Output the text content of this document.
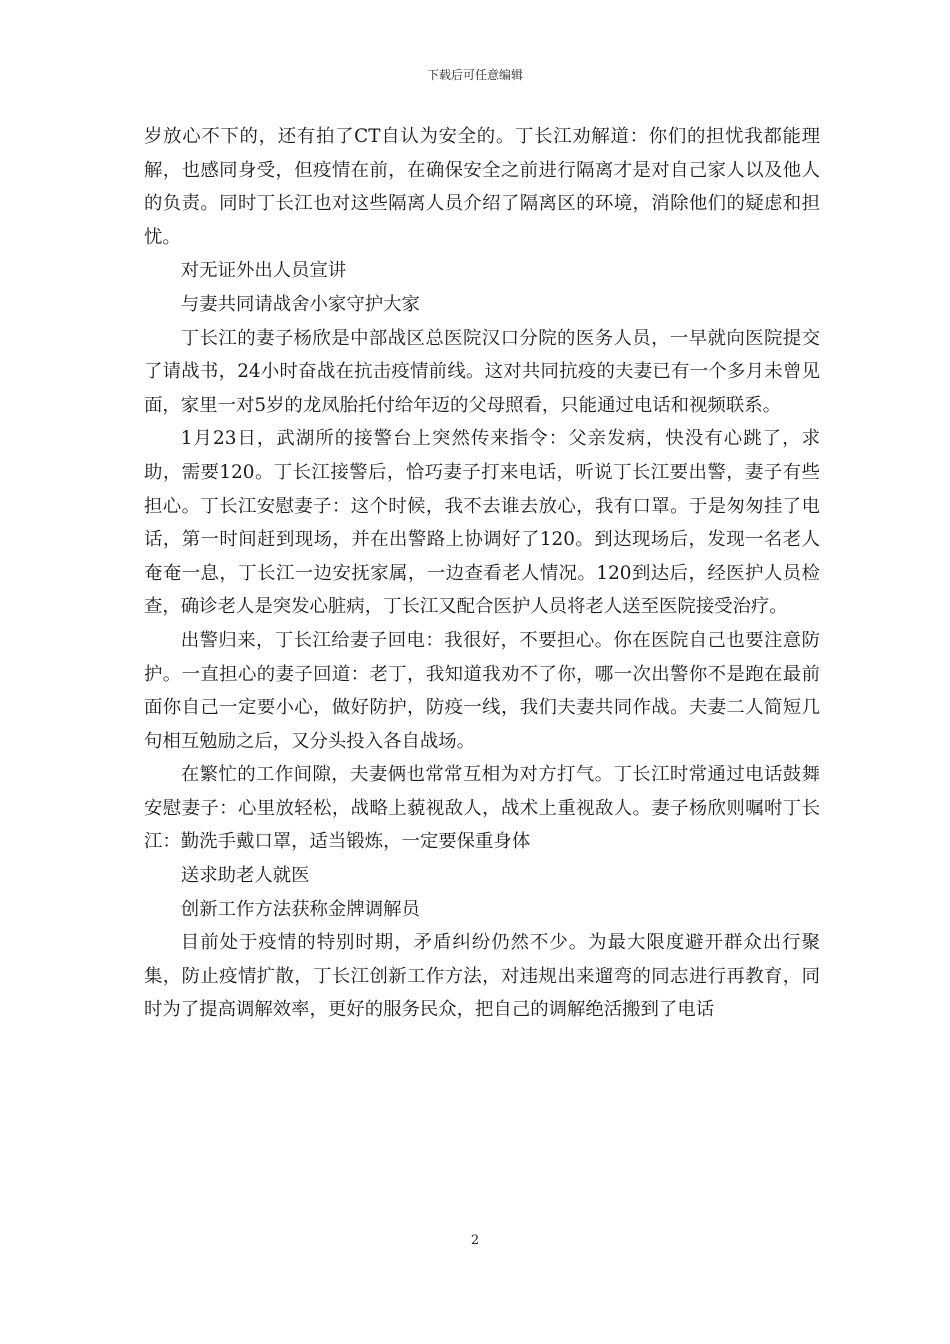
下载后可任意编辑

岁放心不下的，还有拍了CT自认为安全的。丁长江劝解道：你们的担忧我都能理解，也感同身受，但疫情在前，在确保安全之前进行隔离才是对自己家人以及他人的负责。同时丁长江也对这些隔离人员介绍了隔离区的环境，消除他们的疑虑和担忧。

对无证外出人员宣讲

与妻共同请战舍小家守护大家

丁长江的妻子杨欣是中部战区总医院汉口分院的医务人员，一早就向医院提交了请战书，24小时奋战在抗击疫情前线。这对共同抗疫的夫妻已有一个多月未曾见面，家里一对5岁的龙凤胎托付给年迈的父母照看，只能通过电话和视频联系。

1月23日，武湖所的接警台上突然传来指令：父亲发病，快没有心跳了，求助，需要120。丁长江接警后，恰巧妻子打来电话，听说丁长江要出警，妻子有些担心。丁长江安慰妻子：这个时候，我不去谁去放心，我有口罩。于是匆匆挂了电话，第一时间赶到现场，并在出警路上协调好了120。到达现场后，发现一名老人奄奄一息，丁长江一边安抚家属，一边查看老人情况。120到达后，经医护人员检查，确诊老人是突发心脏病，丁长江又配合医护人员将老人送至医院接受治疗。

出警归来，丁长江给妻子回电：我很好，不要担心。你在医院自己也要注意防护。一直担心的妻子回道：老丁，我知道我劝不了你，哪一次出警你不是跑在最前面你自己一定要小心，做好防护，防疫一线，我们夫妻共同作战。夫妻二人简短几句相互勉励之后，又分头投入各自战场。

在繁忙的工作间隙，夫妻俩也常常互相为对方打气。丁长江时常通过电话鼓舞安慰妻子：心里放轻松，战略上藐视敌人，战术上重视敌人。妻子杨欣则嘱咐丁长江：勤洗手戴口罩，适当锻炼，一定要保重身体

送求助老人就医

创新工作方法获称金牌调解员

目前处于疫情的特别时期，矛盾纠纷仍然不少。为最大限度避开群众出行聚集，防止疫情扩散，丁长江创新工作方法，对违规出来遛弯的同志进行再教育，同时为了提高调解效率，更好的服务民众，把自己的调解绝活搬到了电话

2
